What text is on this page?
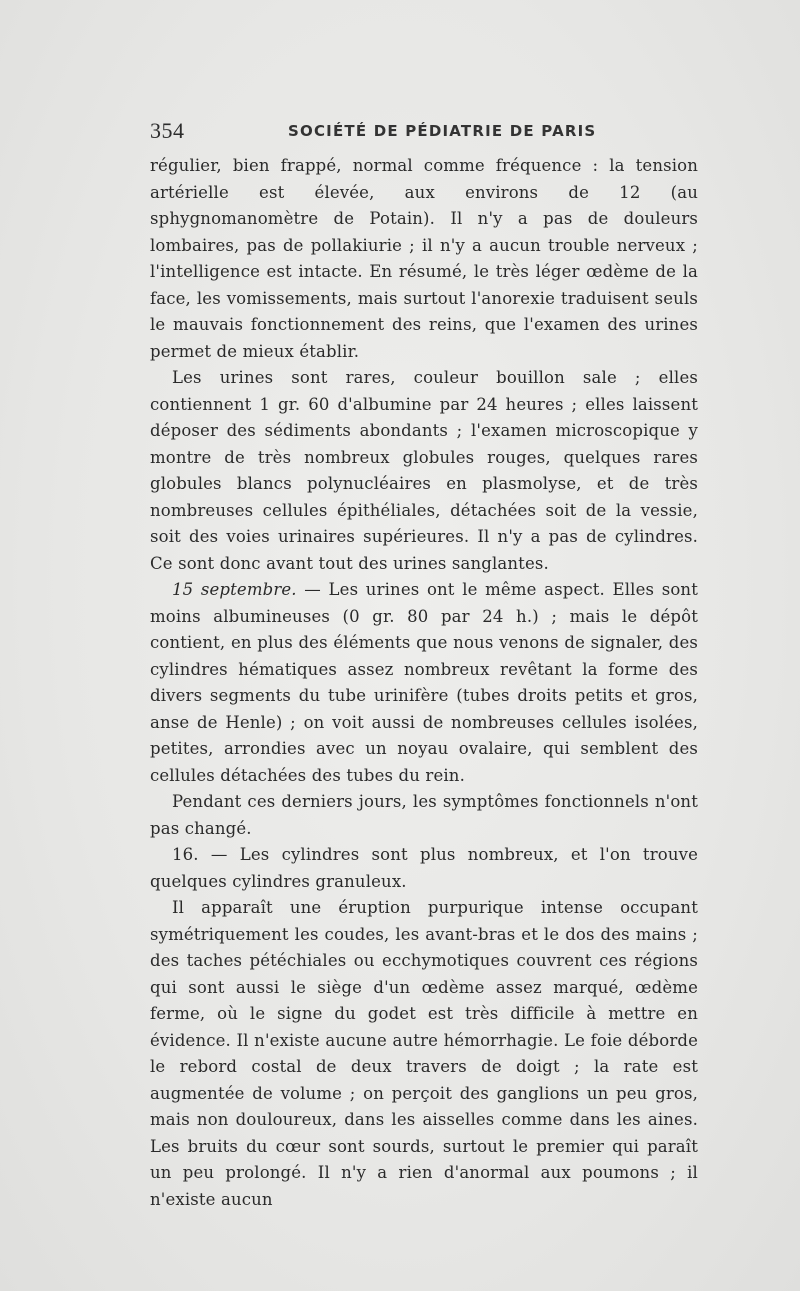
354	SOCIÉTÉ DE PÉDIATRIE DE PARIS

régulier, bien frappé, normal comme fréquence : la tension artérielle est élevée, aux environs de 12 (au sphygnomanomètre de Potain). Il n'y a pas de douleurs lombaires, pas de pollakiurie ; il n'y a aucun trouble nerveux ; l'intelligence est intacte. En résumé, le très léger œdème de la face, les vomissements, mais surtout l'anorexie traduisent seuls le mauvais fonctionnement des reins, que l'examen des urines permet de mieux établir.

Les urines sont rares, couleur bouillon sale ; elles contiennent 1 gr. 60 d'albumine par 24 heures ; elles laissent déposer des sédiments abondants ; l'examen microscopique y montre de très nombreux globules rouges, quelques rares globules blancs polynucléaires en plasmolyse, et de très nombreuses cellules épithéliales, détachées soit de la vessie, soit des voies urinaires supérieures. Il n'y a pas de cylindres. Ce sont donc avant tout des urines sanglantes.

15 septembre. — Les urines ont le même aspect. Elles sont moins albumineuses (0 gr. 80 par 24 h.) ; mais le dépôt contient, en plus des éléments que nous venons de signaler, des cylindres hématiques assez nombreux revêtant la forme des divers segments du tube urinifère (tubes droits petits et gros, anse de Henle) ; on voit aussi de nombreuses cellules isolées, petites, arrondies avec un noyau ovalaire, qui semblent des cellules détachées des tubes du rein.

Pendant ces derniers jours, les symptômes fonctionnels n'ont pas changé.

16. — Les cylindres sont plus nombreux, et l'on trouve quelques cylindres granuleux.

Il apparaît une éruption purpurique intense occupant symétriquement les coudes, les avant-bras et le dos des mains ; des taches pétéchiales ou ecchymotiques couvrent ces régions qui sont aussi le siège d'un œdème assez marqué, œdème ferme, où le signe du godet est très difficile à mettre en évidence. Il n'existe aucune autre hémorrhagie. Le foie déborde le rebord costal de deux travers de doigt ; la rate est augmentée de volume ; on perçoit des ganglions un peu gros, mais non douloureux, dans les aisselles comme dans les aines. Les bruits du cœur sont sourds, surtout le premier qui paraît un peu prolongé. Il n'y a rien d'anormal aux poumons ; il n'existe aucun
